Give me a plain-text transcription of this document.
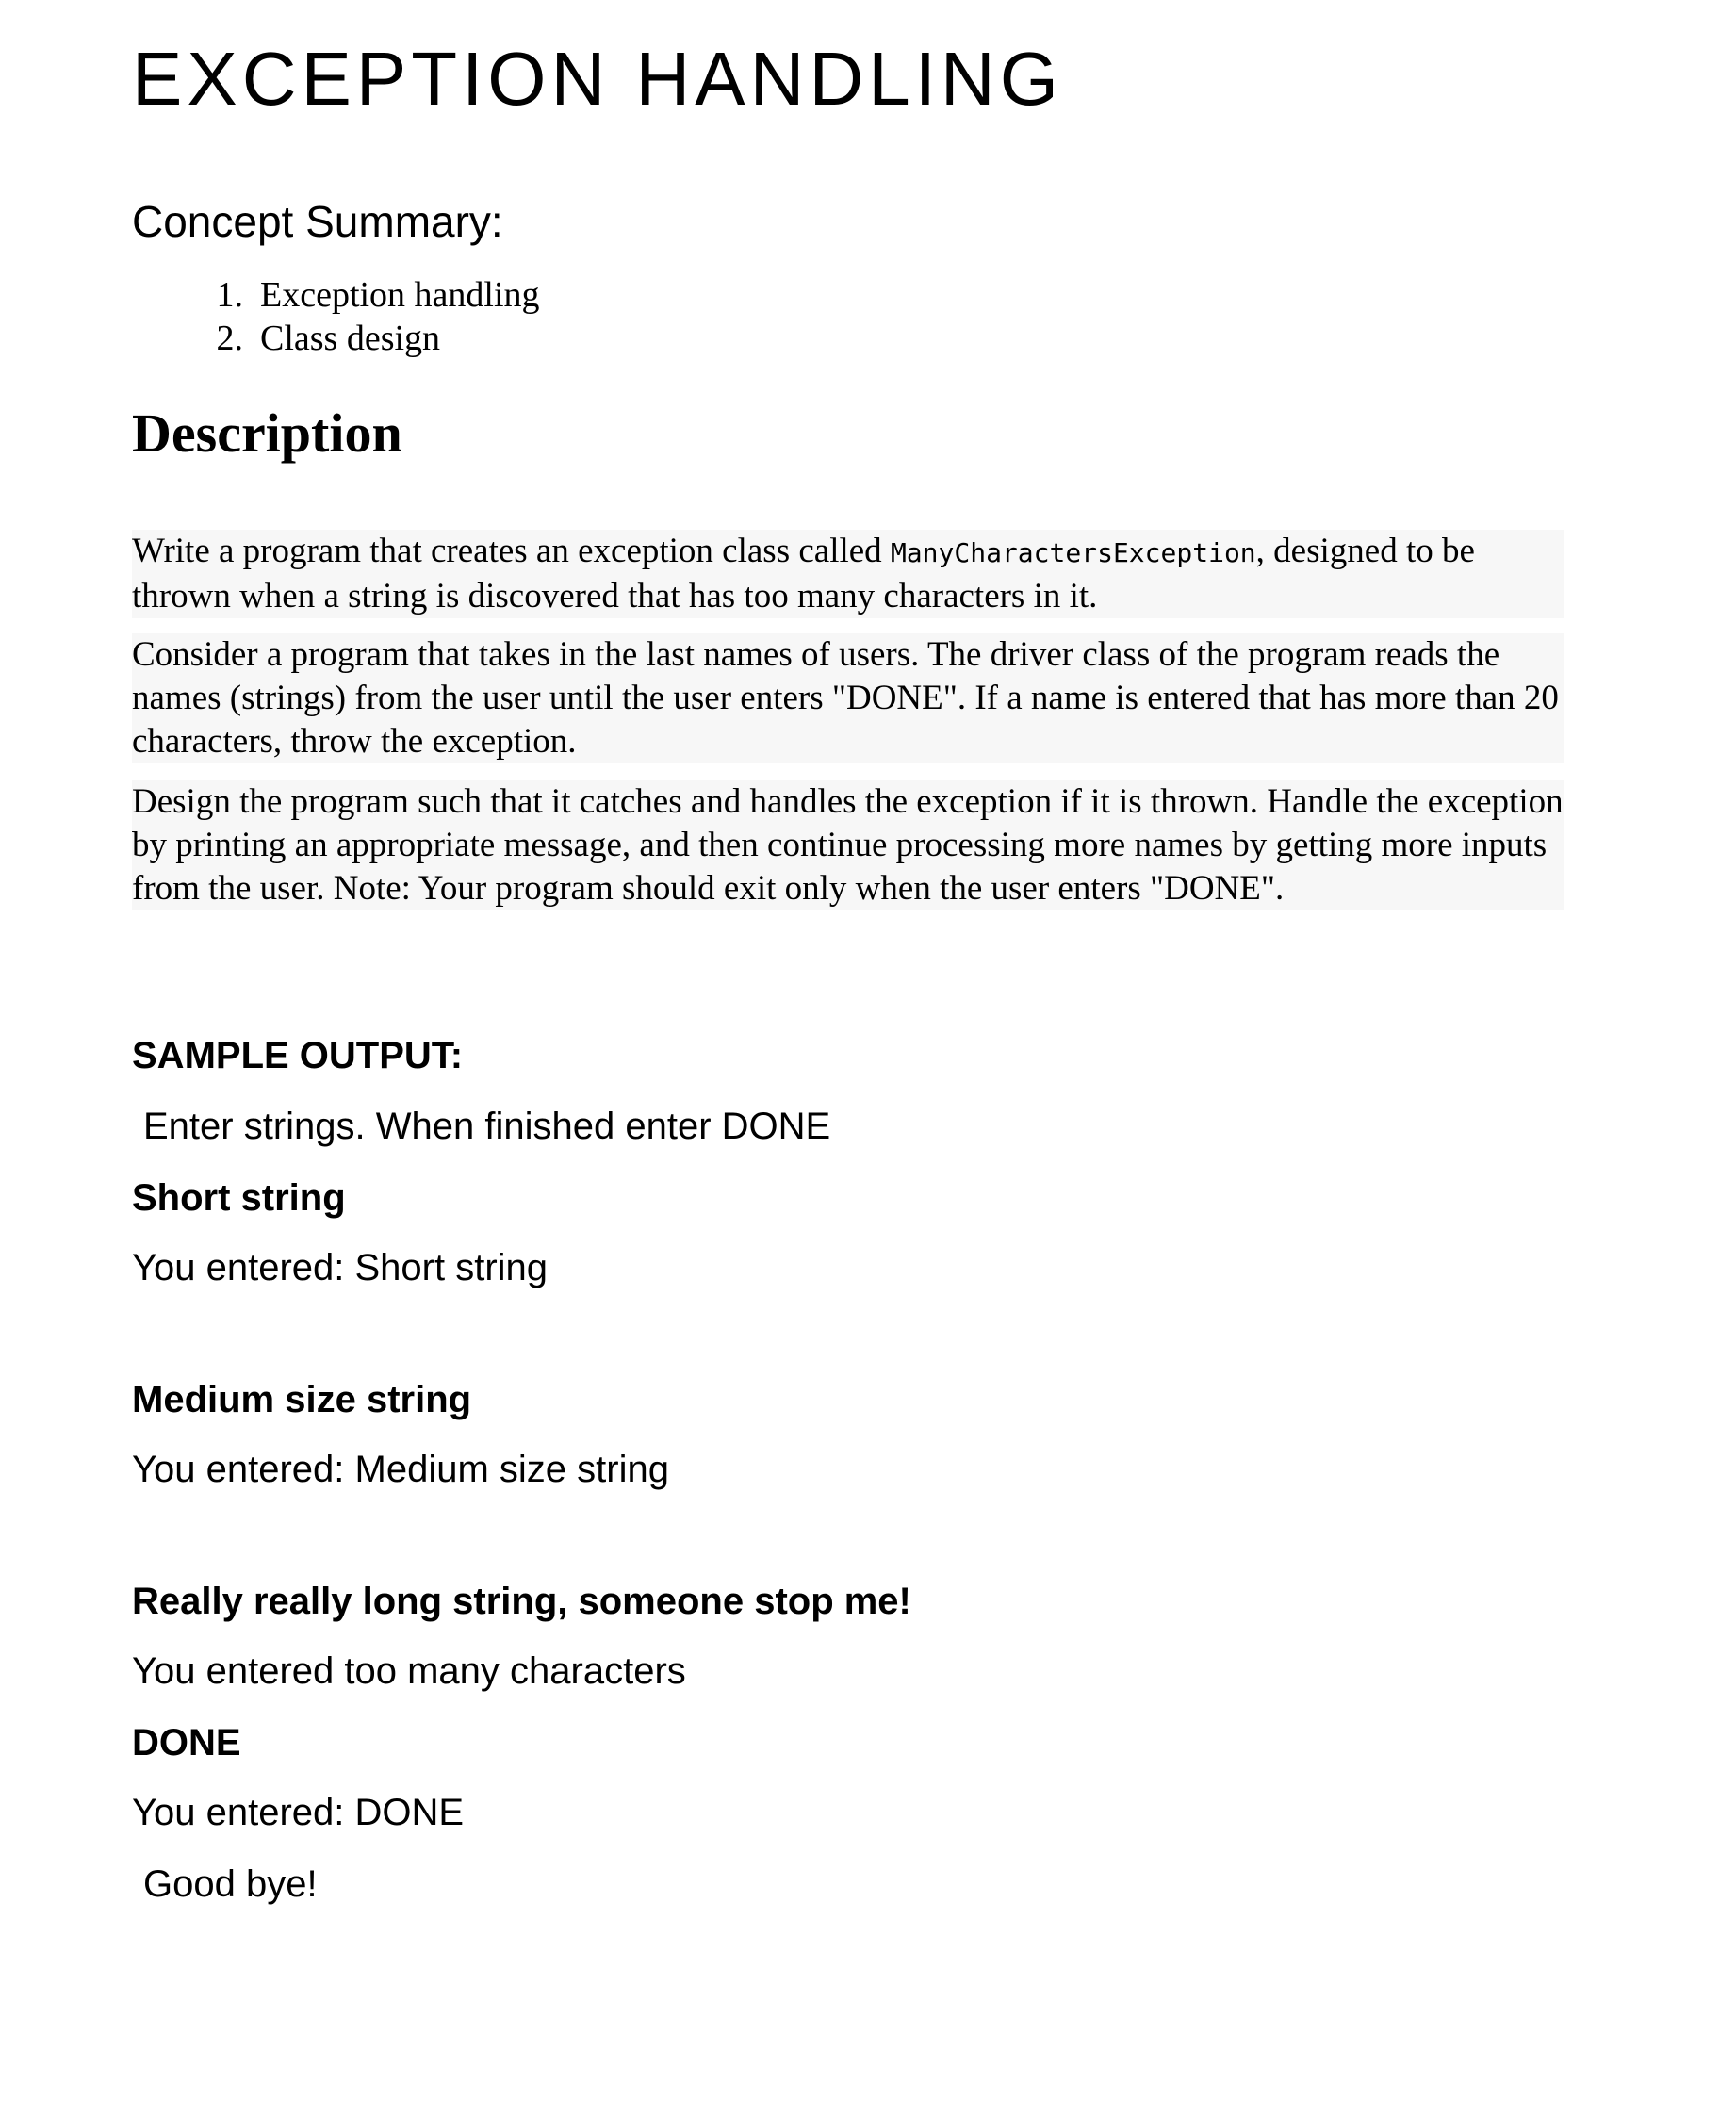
EXCEPTION HANDLING
Concept Summary:
1. Exception handling
2. Class design
Description

Write a program that creates an exception class called ManyCharactersException, designed to be thrown when a string is discovered that has too many characters in it.

Consider a program that takes in the last names of users. The driver class of the program reads the names (strings) from the user until the user enters "DONE". If a name is entered that has more than 20 characters, throw the exception.

Design the program such that it catches and handles the exception if it is thrown. Handle the exception by printing an appropriate message, and then continue processing more names by getting more inputs from the user. Note: Your program should exit only when the user enters "DONE".

SAMPLE OUTPUT:
Enter strings. When finished enter DONE
Short string
You entered: Short string
Medium size string
You entered: Medium size string
Really really long string, someone stop me!
You entered too many characters
DONE
You entered: DONE
Good bye!
